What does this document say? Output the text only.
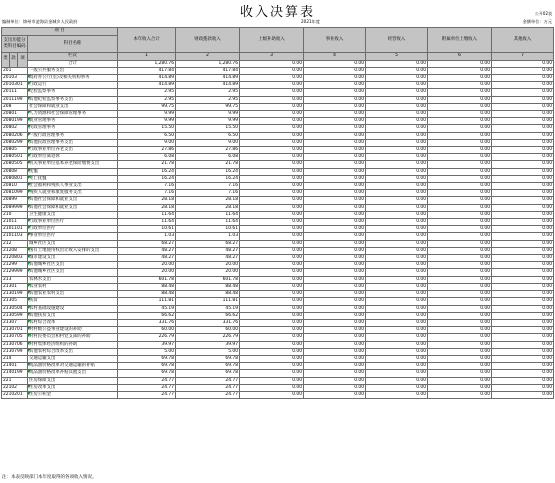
收入决算表	公开02表
编制单位：锦州市凌海县金城乡人民政府	2021年度	金额单位：万元
项 目				本年收入合计	财政拨款收入	上级补助收入	事业收入	经营收入	附属单位上缴收入	其他收入
支出功能分类科目编码			科目名称							
类	款	项	栏次	1	2	3	4	5	6	7
			合计	1,280.76	1,280.76	0.00	0.00	0.00	0.00	0.00
201			一般公共服务支出	417.84	417.84	0.00	0.00	0.00	0.00	0.00
20103			政府办公厅(室)及相关机构事务	414.89	414.89	0.00	0.00	0.00	0.00	0.00
2010301			行政运行	414.89	414.89	0.00	0.00	0.00	0.00	0.00
20111			纪检监察事务	2.95	2.95	0.00	0.00	0.00	0.00	0.00
2011199			其他纪检监察事务支出	2.95	2.95	0.00	0.00	0.00	0.00	0.00
208			社会保障和就业支出	99.75	99.75	0.00	0.00	0.00	0.00	0.00
20801			人力资源和社会保障管理事务	9.99	9.99	0.00	0.00	0.00	0.00	0.00
2080199			就业管理事务	9.99	9.99	0.00	0.00	0.00	0.00	0.00
20802			民政管理事务	15.50	15.50	0.00	0.00	0.00	0.00	0.00
2080206			一般行政管理事务	6.50	6.50	0.00	0.00	0.00	0.00	0.00
2080299			其他民政管理事务支出	9.00	9.00	0.00	0.00	0.00	0.00	0.00
20805			行政事业单位养老支出	27.86	27.86	0.00	0.00	0.00	0.00	0.00
2080501			行政单位离退休	6.08	6.08	0.00	0.00	0.00	0.00	0.00
2080505			机关事业单位基本养老保险缴费支出	21.78	21.78	0.00	0.00	0.00	0.00	0.00
20808			抚恤	16.24	16.24	0.00	0.00	0.00	0.00	0.00
2080801			死亡抚恤	16.24	16.24	0.00	0.00	0.00	0.00	0.00
20810			社会福利和残疾人事业支出	7.16	7.16	0.00	0.00	0.00	0.00	0.00
2081099			残疾人就业和康复服务支出	7.16	7.16	0.00	0.00	0.00	0.00	0.00
20899			其他社会保障和就业支出	28.18	28.18	0.00	0.00	0.00	0.00	0.00
2089999			其他社会保障和就业支出	28.18	28.18	0.00	0.00	0.00	0.00	0.00
210			卫生健康支出	11.64	11.64	0.00	0.00	0.00	0.00	0.00
21011			行政事业单位医疗	11.64	11.64	0.00	0.00	0.00	0.00	0.00
2101101			行政单位医疗	10.61	10.61	0.00	0.00	0.00	0.00	0.00
2101103			事业单位医疗	1.03	1.03	0.00	0.00	0.00	0.00	0.00
212			城乡社区支出	68.27	68.27	0.00	0.00	0.00	0.00	0.00
21208			国有土地使用权出让收入安排的支出	48.27	48.27	0.00	0.00	0.00	0.00	0.00
2120803			城市建设支出	48.27	48.27	0.00	0.00	0.00	0.00	0.00
21299			其他城乡社区支出	20.00	20.00	0.00	0.00	0.00	0.00	0.00
2129999			其他城乡社区支出	20.00	20.00	0.00	0.00	0.00	0.00	0.00
213			农林水支出	601.78	601.78	0.00	0.00	0.00	0.00	0.00
21301			农业农村	88.48	88.48	0.00	0.00	0.00	0.00	0.00
2130199			其他农业农村支出	88.48	88.48	0.00	0.00	0.00	0.00	0.00
21305			扶贫	111.81	111.81	0.00	0.00	0.00	0.00	0.00
2130504			农村基础设施建设	45.19	45.19	0.00	0.00	0.00	0.00	0.00
2130599			其他扶贫支出	66.62	66.62	0.00	0.00	0.00	0.00	0.00
21307			农村综合改革	331.76	331.76	0.00	0.00	0.00	0.00	0.00
2130701			对村级公益事业建设的补助	60.00	60.00	0.00	0.00	0.00	0.00	0.00
2130705			对村民委员会和村党支部的补助	226.79	226.79	0.00	0.00	0.00	0.00	0.00
2130706			对村集体经济组织的补助	39.97	39.97	0.00	0.00	0.00	0.00	0.00
2130799			其他农村综合改革支出	5.00	5.00	0.00	0.00	0.00	0.00	0.00
214			交通运输支出	69.78	69.78	0.00	0.00	0.00	0.00	0.00
21401			成品油价格改革对交通运输的补贴	69.78	69.78	0.00	0.00	0.00	0.00	0.00
2140199			成品油价格改革补贴其他支出	69.78	69.78	0.00	0.00	0.00	0.00	0.00
221			住房保障支出	24.77	24.77	0.00	0.00	0.00	0.00	0.00
22102			住房改革支出	24.77	24.77	0.00	0.00	0.00	0.00	0.00
2210201			住房公积金	24.77	24.77	0.00	0.00	0.00	0.00	0.00
注：本表反映部门本年度取得的各项收入情况。
